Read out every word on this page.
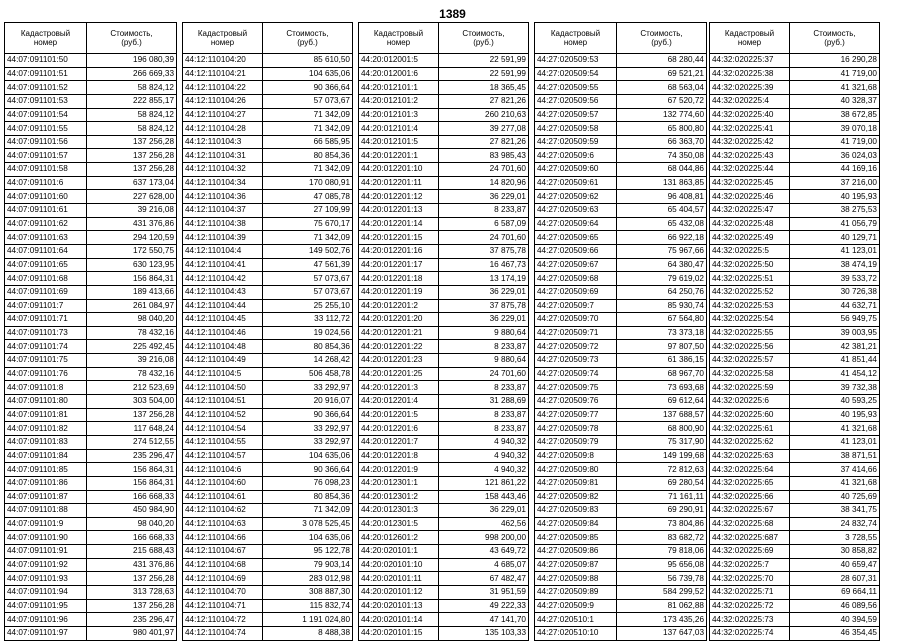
1389
Кадастровый
номер	Стоимость,
(руб.)
44:07:091101:50	196 080,39
44:07:091101:51	266 669,33
44:07:091101:52	58 824,12
44:07:091101:53	222 855,17
44:07:091101:54	58 824,12
44:07:091101:55	58 824,12
44:07:091101:56	137 256,28
44:07:091101:57	137 256,28
44:07:091101:58	137 256,28
44:07:091101:6	637 173,04
44:07:091101:60	227 628,00
44:07:091101:61	39 216,08
44:07:091101:62	431 376,86
44:07:091101:63	294 120,59
44:07:091101:64	172 550,75
44:07:091101:65	630 123,95
44:07:091101:68	156 864,31
44:07:091101:69	189 413,66
44:07:091101:7	261 084,97
44:07:091101:71	98 040,20
44:07:091101:73	78 432,16
44:07:091101:74	225 492,45
44:07:091101:75	39 216,08
44:07:091101:76	78 432,16
44:07:091101:8	212 523,69
44:07:091101:80	303 504,00
44:07:091101:81	137 256,28
44:07:091101:82	117 648,24
44:07:091101:83	274 512,55
44:07:091101:84	235 296,47
44:07:091101:85	156 864,31
44:07:091101:86	156 864,31
44:07:091101:87	166 668,33
44:07:091101:88	450 984,90
44:07:091101:9	98 040,20
44:07:091101:90	166 668,33
44:07:091101:91	215 688,43
44:07:091101:92	431 376,86
44:07:091101:93	137 256,28
44:07:091101:94	313 728,63
44:07:091101:95	137 256,28
44:07:091101:96	235 296,47
44:07:091101:97	980 401,97
Кадастровый
номер	Стоимость,
(руб.)
44:12:110104:20	85 610,50
44:12:110104:21	104 635,06
44:12:110104:22	90 366,64
44:12:110104:26	57 073,67
44:12:110104:27	71 342,09
44:12:110104:28	71 342,09
44:12:110104:3	66 585,95
44:12:110104:31	80 854,36
44:12:110104:32	71 342,09
44:12:110104:34	170 080,91
44:12:110104:36	47 085,78
44:12:110104:37	27 109,99
44:12:110104:38	75 670,17
44:12:110104:39	71 342,09
44:12:110104:4	149 502,76
44:12:110104:41	47 561,39
44:12:110104:42	57 073,67
44:12:110104:43	57 073,67
44:12:110104:44	25 255,10
44:12:110104:45	33 112,72
44:12:110104:46	19 024,56
44:12:110104:48	80 854,36
44:12:110104:49	14 268,42
44:12:110104:5	506 458,78
44:12:110104:50	33 292,97
44:12:110104:51	20 916,07
44:12:110104:52	90 366,64
44:12:110104:54	33 292,97
44:12:110104:55	33 292,97
44:12:110104:57	104 635,06
44:12:110104:6	90 366,64
44:12:110104:60	76 098,23
44:12:110104:61	80 854,36
44:12:110104:62	71 342,09
44:12:110104:63	3 078 525,45
44:12:110104:66	104 635,06
44:12:110104:67	95 122,78
44:12:110104:68	79 903,14
44:12:110104:69	283 012,98
44:12:110104:70	308 887,30
44:12:110104:71	115 832,74
44:12:110104:72	1 191 024,80
44:12:110104:74	8 488,38
Кадастровый
номер	Стоимость,
(руб.)
44:20:012001:5	22 591,99
44:20:012001:6	22 591,99
44:20:012101:1	18 365,45
44:20:012101:2	27 821,26
44:20:012101:3	260 210,63
44:20:012101:4	39 277,08
44:20:012101:5	27 821,26
44:20:012201:1	83 985,43
44:20:012201:10	24 701,60
44:20:012201:11	14 820,96
44:20:012201:12	36 229,01
44:20:012201:13	8 233,87
44:20:012201:14	6 587,09
44:20:012201:15	24 701,60
44:20:012201:16	37 875,78
44:20:012201:17	16 467,73
44:20:012201:18	13 174,19
44:20:012201:19	36 229,01
44:20:012201:2	37 875,78
44:20:012201:20	36 229,01
44:20:012201:21	9 880,64
44:20:012201:22	8 233,87
44:20:012201:23	9 880,64
44:20:012201:25	24 701,60
44:20:012201:3	8 233,87
44:20:012201:4	31 288,69
44:20:012201:5	8 233,87
44:20:012201:6	8 233,87
44:20:012201:7	4 940,32
44:20:012201:8	4 940,32
44:20:012201:9	4 940,32
44:20:012301:1	121 861,22
44:20:012301:2	158 443,46
44:20:012301:3	36 229,01
44:20:012301:5	462,56
44:20:012601:2	998 200,00
44:20:020101:1	43 649,72
44:20:020101:10	4 685,07
44:20:020101:11	67 482,47
44:20:020101:12	31 951,59
44:20:020101:13	49 222,33
44:20:020101:14	47 141,70
44:20:020101:15	135 103,33
Кадастровый
номер	Стоимость,
(руб.)
44:27:020509:53	68 280,44
44:27:020509:54	69 521,21
44:27:020509:55	68 563,04
44:27:020509:56	67 520,72
44:27:020509:57	132 774,60
44:27:020509:58	65 800,80
44:27:020509:59	66 363,70
44:27:020509:6	74 350,08
44:27:020509:60	68 044,86
44:27:020509:61	131 863,85
44:27:020509:62	96 408,81
44:27:020509:63	65 404,57
44:27:020509:64	65 432,08
44:27:020509:65	66 922,18
44:27:020509:66	75 967,66
44:27:020509:67	64 380,47
44:27:020509:68	79 619,02
44:27:020509:69	64 250,76
44:27:020509:7	85 930,74
44:27:020509:70	67 564,80
44:27:020509:71	73 373,18
44:27:020509:72	97 807,50
44:27:020509:73	61 386,15
44:27:020509:74	68 967,70
44:27:020509:75	73 693,68
44:27:020509:76	69 612,64
44:27:020509:77	137 688,57
44:27:020509:78	68 800,90
44:27:020509:79	75 317,90
44:27:020509:8	149 199,68
44:27:020509:80	72 812,63
44:27:020509:81	69 280,54
44:27:020509:82	71 161,11
44:27:020509:83	69 290,91
44:27:020509:84	73 804,86
44:27:020509:85	83 682,72
44:27:020509:86	79 818,06
44:27:020509:87	95 656,08
44:27:020509:88	56 739,78
44:27:020509:89	584 299,52
44:27:020509:9	81 062,88
44:27:020510:1	173 435,26
44:27:020510:10	137 647,03
Кадастровый
номер	Стоимость,
(руб.)
44:32:020225:37	16 290,28
44:32:020225:38	41 719,00
44:32:020225:39	41 321,68
44:32:020225:4	40 328,37
44:32:020225:40	38 672,85
44:32:020225:41	39 070,18
44:32:020225:42	41 719,00
44:32:020225:43	36 024,03
44:32:020225:44	44 169,16
44:32:020225:45	37 216,00
44:32:020225:46	40 195,93
44:32:020225:47	38 275,53
44:32:020225:48	41 056,79
44:32:020225:49	40 129,71
44:32:020225:5	41 123,01
44:32:020225:50	38 474,19
44:32:020225:51	39 533,72
44:32:020225:52	30 726,38
44:32:020225:53	44 632,71
44:32:020225:54	56 949,75
44:32:020225:55	39 003,95
44:32:020225:56	42 381,21
44:32:020225:57	41 851,44
44:32:020225:58	41 454,12
44:32:020225:59	39 732,38
44:32:020225:6	40 593,25
44:32:020225:60	40 195,93
44:32:020225:61	41 321,68
44:32:020225:62	41 123,01
44:32:020225:63	38 871,51
44:32:020225:64	37 414,66
44:32:020225:65	41 321,68
44:32:020225:66	40 725,69
44:32:020225:67	38 341,75
44:32:020225:68	24 832,74
44:32:020225:687	3 728,55
44:32:020225:69	30 858,82
44:32:020225:7	40 659,47
44:32:020225:70	28 607,31
44:32:020225:71	69 664,11
44:32:020225:72	46 089,56
44:32:020225:73	40 394,59
44:32:020225:74	46 354,45
